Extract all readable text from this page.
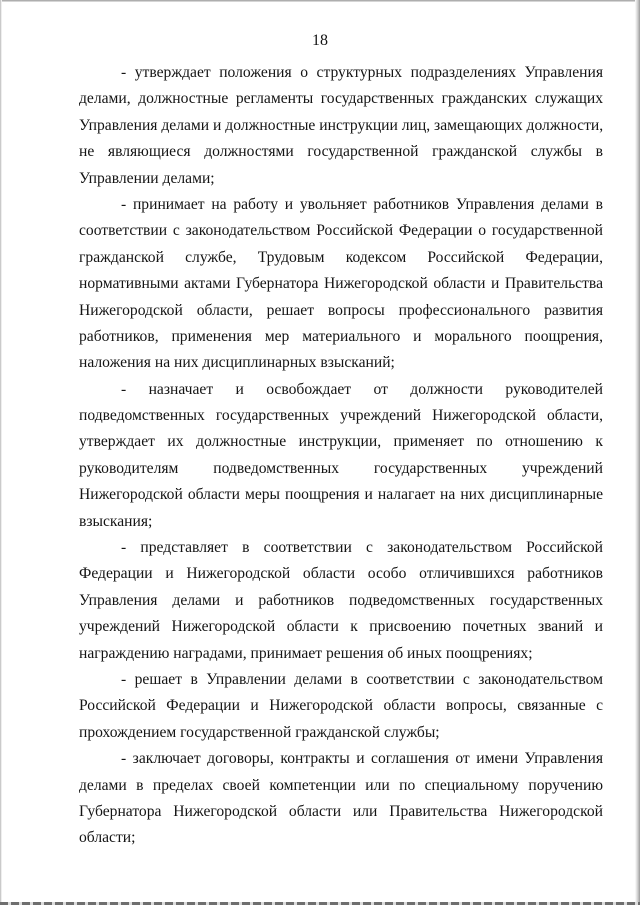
18
- утверждает положения о структурных подразделениях Управления
делами, должностные регламенты государственных гражданских служащих
Управления делами и должностные инструкции лиц, замещающих должности,
не являющиеся должностями государственной гражданской службы в
Управлении делами;
- принимает на работу и увольняет работников Управления делами в
соответствии с законодательством Российской Федерации о государственной
гражданской службе, Трудовым кодексом Российской Федерации,
нормативными актами Губернатора Нижегородской области и Правительства
Нижегородской области, решает вопросы профессионального развития
работников, применения мер материального и морального поощрения,
наложения на них дисциплинарных взысканий;
- назначает и освобождает от должности руководителей
подведомственных государственных учреждений Нижегородской области,
утверждает их должностные инструкции, применяет по отношению к
руководителям подведомственных государственных учреждений
Нижегородской области меры поощрения и налагает на них дисциплинарные
взыскания;
- представляет в соответствии с законодательством Российской
Федерации и Нижегородской области особо отличившихся работников
Управления делами и работников подведомственных государственных
учреждений Нижегородской области к присвоению почетных званий и
награждению наградами, принимает решения об иных поощрениях;
- решает в Управлении делами в соответствии с законодательством
Российской Федерации и Нижегородской области вопросы, связанные с
прохождением государственной гражданской службы;
- заключает договоры, контракты и соглашения от имени Управления
делами в пределах своей компетенции или по специальному поручению
Губернатора Нижегородской области или Правительства Нижегородской
области;
